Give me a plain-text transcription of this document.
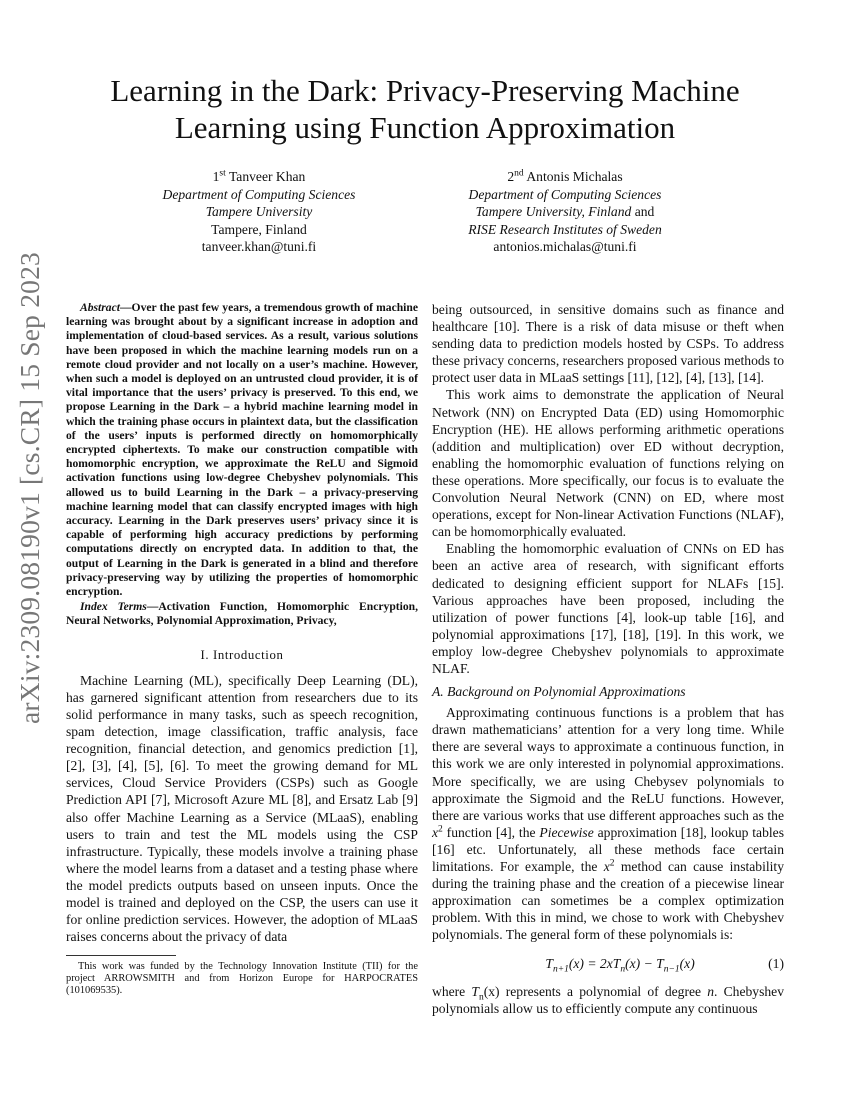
arXiv:2309.08190v1 [cs.CR] 15 Sep 2023
Learning in the Dark: Privacy-Preserving Machine
Learning using Function Approximation
1st Tanveer Khan
Department of Computing Sciences
Tampere University
Tampere, Finland
tanveer.khan@tuni.fi
2nd Antonis Michalas
Department of Computing Sciences
Tampere University, Finland and
RISE Research Institutes of Sweden
antonios.michalas@tuni.fi

Abstract—Over the past few years, a tremendous growth of machine learning was brought about by a significant increase in adoption and implementation of cloud-based services. As a result, various solutions have been proposed in which the machine learning models run on a remote cloud provider and not locally on a user’s machine. However, when such a model is deployed on an untrusted cloud provider, it is of vital importance that the users’ privacy is preserved. To this end, we propose Learning in the Dark – a hybrid machine learning model in which the training phase occurs in plaintext data, but the classification of the users’ inputs is performed directly on homomorphically encrypted ciphertexts. To make our construction compatible with homomorphic encryption, we approximate the ReLU and Sigmoid activation functions using low-degree Chebyshev polynomials. This allowed us to build Learning in the Dark – a privacy-preserving machine learning model that can classify encrypted images with high accuracy. Learning in the Dark preserves users’ privacy since it is capable of performing high accuracy predictions by performing computations directly on encrypted data. In addition to that, the output of Learning in the Dark is generated in a blind and therefore privacy-preserving way by utilizing the properties of homomorphic encryption.

Index Terms—Activation Function, Homomorphic Encryption, Neural Networks, Polynomial Approximation, Privacy,

I. Introduction

Machine Learning (ML), specifically Deep Learning (DL), has garnered significant attention from researchers due to its solid performance in many tasks, such as speech recognition, spam detection, image classification, traffic analysis, face recognition, financial detection, and genomics prediction [1], [2], [3], [4], [5], [6]. To meet the growing demand for ML services, Cloud Service Providers (CSPs) such as Google Prediction API [7], Microsoft Azure ML [8], and Ersatz Lab [9] also offer Machine Learning as a Service (MLaaS), enabling users to train and test the ML models using the CSP infrastructure. Typically, these models involve a training phase where the model learns from a dataset and a testing phase where the model predicts outputs based on unseen inputs. Once the model is trained and deployed on the CSP, the users can use it for online prediction services. However, the adoption of MLaaS raises concerns about the privacy of data

This work was funded by the Technology Innovation Institute (TII) for the project ARROWSMITH and from Horizon Europe for HARPOCRATES (101069535).

being outsourced, in sensitive domains such as finance and healthcare [10]. There is a risk of data misuse or theft when sending data to prediction models hosted by CSPs. To address these privacy concerns, researchers proposed various methods to protect user data in MLaaS settings [11], [12], [4], [13], [14].

This work aims to demonstrate the application of Neural Network (NN) on Encrypted Data (ED) using Homomorphic Encryption (HE). HE allows performing arithmetic operations (addition and multiplication) over ED without decryption, enabling the homomorphic evaluation of functions relying on these operations. More specifically, our focus is to evaluate the Convolution Neural Network (CNN) on ED, where most operations, except for Non-linear Activation Functions (NLAF), can be homomorphically evaluated.

Enabling the homomorphic evaluation of CNNs on ED has been an active area of research, with significant efforts dedicated to designing efficient support for NLAFs [15]. Various approaches have been proposed, including the utilization of power functions [4], look-up table [16], and polynomial approximations [17], [18], [19]. In this work, we employ low-degree Chebyshev polynomials to approximate NLAF.

A. Background on Polynomial Approximations

Approximating continuous functions is a problem that has drawn mathematicians’ attention for a very long time. While there are several ways to approximate a continuous function, in this work we are only interested in polynomial approximations. More specifically, we are using Chebysev polynomials to approximate the Sigmoid and the ReLU functions. However, there are various works that use different approaches such as the $x^2$ function [4], the Piecewise approximation [18], lookup tables [16] etc. Unfortunately, all these methods face certain limitations. For example, the $x^2$ method can cause instability during the training phase and the creation of a piecewise linear approximation can sometimes be a complex optimization problem. With this in mind, we chose to work with Chebyshev polynomials. The general form of these polynomials is:

$T_{n+1}(x) = 2xT_n(x) - T_{n-1}(x)$	(1)

where $T_n(x)$ represents a polynomial of degree n. Chebyshev polynomials allow us to efficiently compute any continuous
